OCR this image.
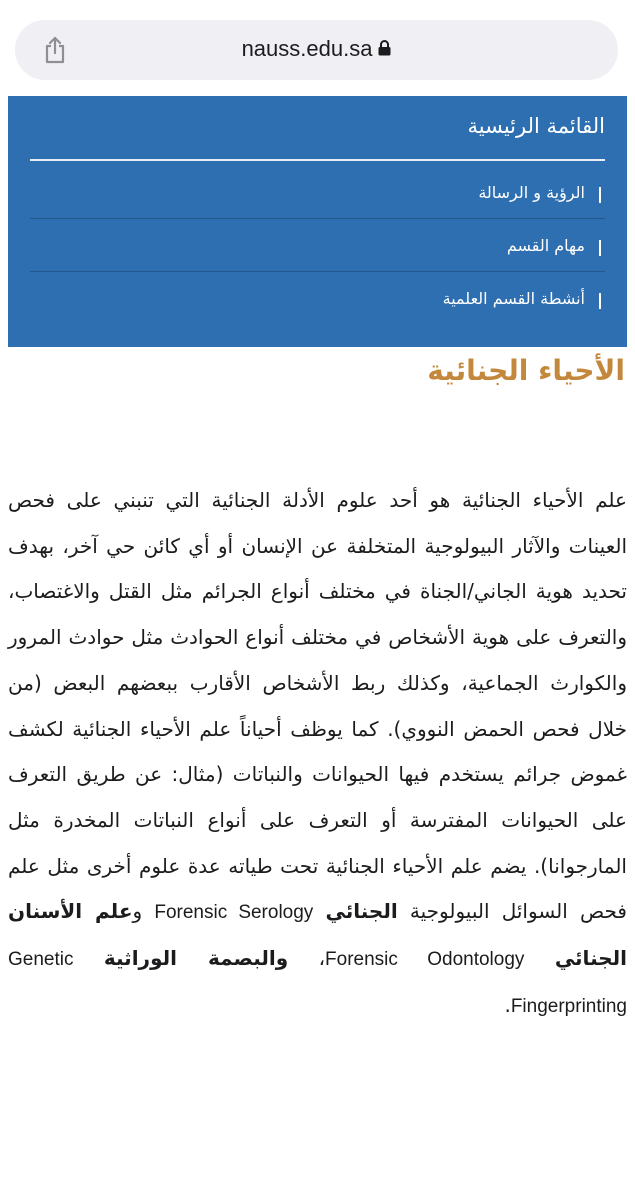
nauss.edu.sa
القائمة الرئيسية
الرؤية و الرسالة
مهام القسم
أنشطة القسم العلمية
الأحياء الجنائية
علم الأحياء الجنائية هو أحد علوم الأدلة الجنائية التي تنبني على فحص العينات والآثار البيولوجية المتخلفة عن الإنسان أو أي كائن حي آخر، بهدف تحديد هوية الجاني/الجناة في مختلف أنواع الجرائم مثل القتل والاغتصاب، والتعرف على هوية الأشخاص في مختلف أنواع الحوادث مثل حوادث المرور والكوارث الجماعية، وكذلك ربط الأشخاص الأقارب ببعضهم البعض (من خلال فحص الحمض النووي). كما يوظف أحياناً علم الأحياء الجنائية لكشف غموض جرائم يستخدم فيها الحيوانات والنباتات (مثال: عن طريق التعرف على الحيوانات المفترسة أو التعرف على أنواع النباتات المخدرة مثل المارجوانا). يضم علم الأحياء الجنائية تحت طياته عدة علوم أخرى مثل علم فحص السوائل البيولوجية الجنائي Forensic Serology وعلم الأسنان الجنائي Forensic Odontology، والبصمة الوراثية Genetic Fingerprinting.
